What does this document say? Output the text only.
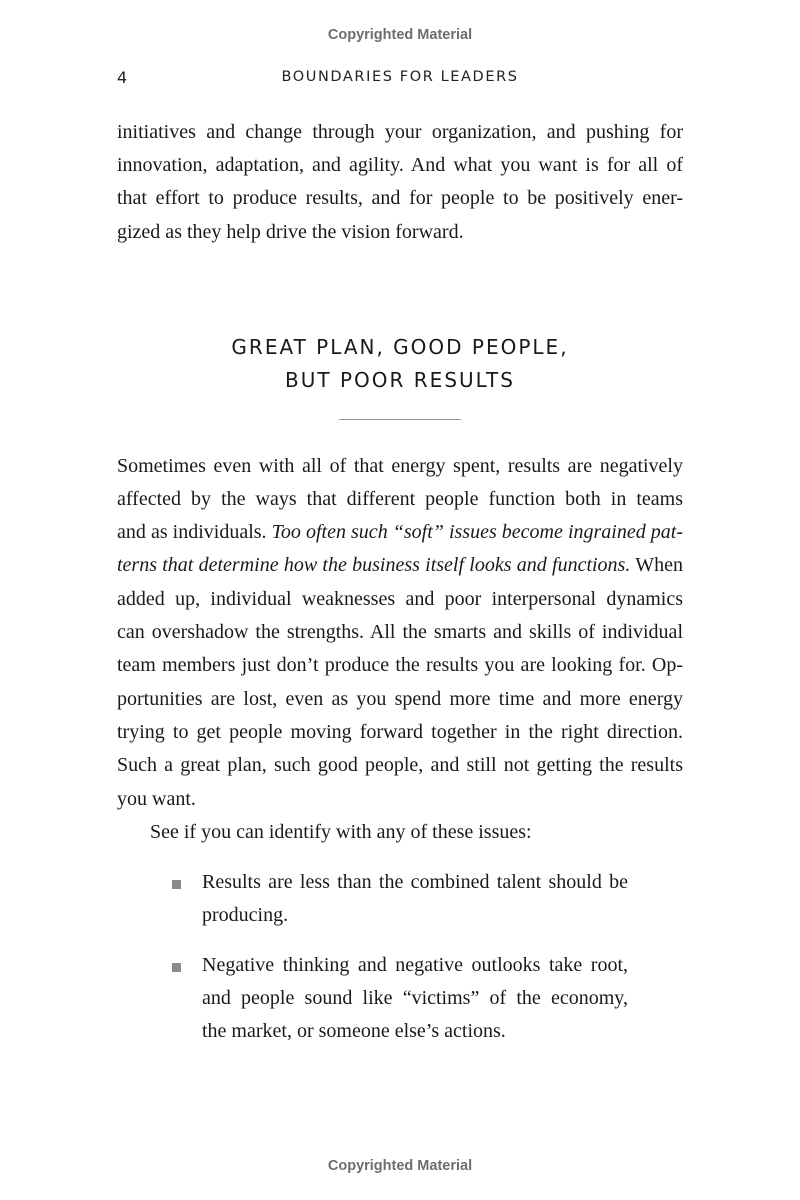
Copyrighted Material
4	BOUNDARIES FOR LEADERS
initiatives and change through your organization, and pushing for
innovation, adaptation, and agility. And what you want is for all of
that effort to produce results, and for people to be positively ener-
gized as they help drive the vision forward.
GREAT PLAN, GOOD PEOPLE,
BUT POOR RESULTS
Sometimes even with all of that energy spent, results are negatively
affected by the ways that different people function both in teams
and as individuals. Too often such “soft” issues become ingrained pat-
terns that determine how the business itself looks and functions. When
added up, individual weaknesses and poor interpersonal dynamics
can overshadow the strengths. All the smarts and skills of individual
team members just don’t produce the results you are looking for. Op-
portunities are lost, even as you spend more time and more energy
trying to get people moving forward together in the right direction.
Such a great plan, such good people, and still not getting the results
you want.
See if you can identify with any of these issues:
Results are less than the combined talent should be
producing.
Negative thinking and negative outlooks take root,
and people sound like “victims” of the economy,
the market, or someone else’s actions.
Copyrighted Material
